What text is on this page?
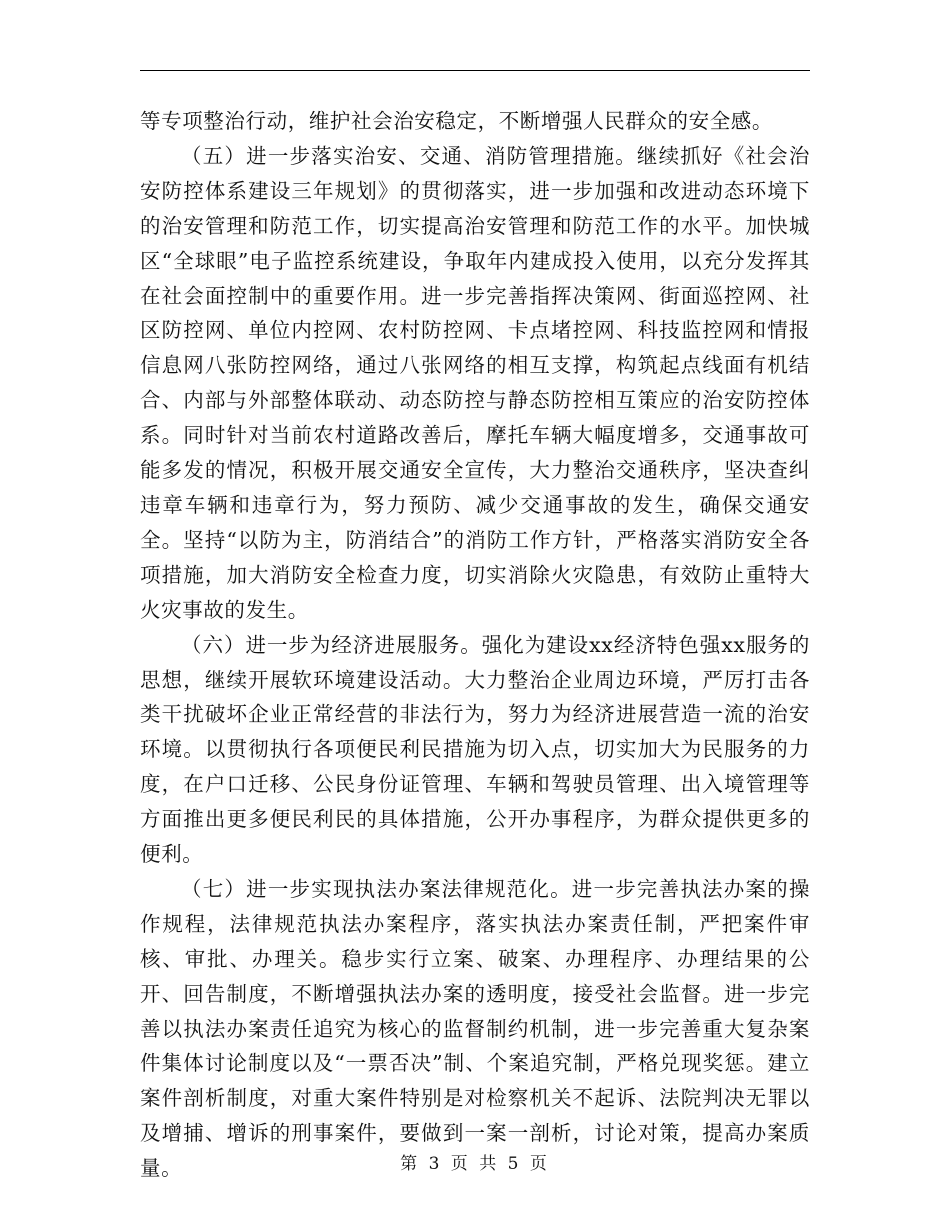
等专项整治行动，维护社会治安稳定，不断增强人民群众的安全感。

（五）进一步落实治安、交通、消防管理措施。继续抓好《社会治安防控体系建设三年规划》的贯彻落实，进一步加强和改进动态环境下的治安管理和防范工作，切实提高治安管理和防范工作的水平。加快城区“全球眼”电子监控系统建设，争取年内建成投入使用，以充分发挥其在社会面控制中的重要作用。进一步完善指挥决策网、街面巡控网、社区防控网、单位内控网、农村防控网、卡点堵控网、科技监控网和情报信息网八张防控网络，通过八张网络的相互支撑，构筑起点线面有机结合、内部与外部整体联动、动态防控与静态防控相互策应的治安防控体系。同时针对当前农村道路改善后，摩托车辆大幅度增多，交通事故可能多发的情况，积极开展交通安全宣传，大力整治交通秩序，坚决查纠违章车辆和违章行为，努力预防、减少交通事故的发生，确保交通安全。坚持“以防为主，防消结合”的消防工作方针，严格落实消防安全各项措施，加大消防安全检查力度，切实消除火灾隐患，有效防止重特大火灾事故的发生。

（六）进一步为经济进展服务。强化为建设xx经济特色强xx服务的思想，继续开展软环境建设活动。大力整治企业周边环境，严厉打击各类干扰破坏企业正常经营的非法行为，努力为经济进展营造一流的治安环境。以贯彻执行各项便民利民措施为切入点，切实加大为民服务的力度，在户口迁移、公民身份证管理、车辆和驾驶员管理、出入境管理等方面推出更多便民利民的具体措施，公开办事程序，为群众提供更多的便利。

（七）进一步实现执法办案法律规范化。进一步完善执法办案的操作规程，法律规范执法办案程序，落实执法办案责任制，严把案件审核、审批、办理关。稳步实行立案、破案、办理程序、办理结果的公开、回告制度，不断增强执法办案的透明度，接受社会监督。进一步完善以执法办案责任追究为核心的监督制约机制，进一步完善重大复杂案件集体讨论制度以及“一票否决”制、个案追究制，严格兑现奖惩。建立案件剖析制度，对重大案件特别是对检察机关不起诉、法院判决无罪以及增捕、增诉的刑事案件，要做到一案一剖析，讨论对策，提高办案质量。	第 3 页 共 5 页
